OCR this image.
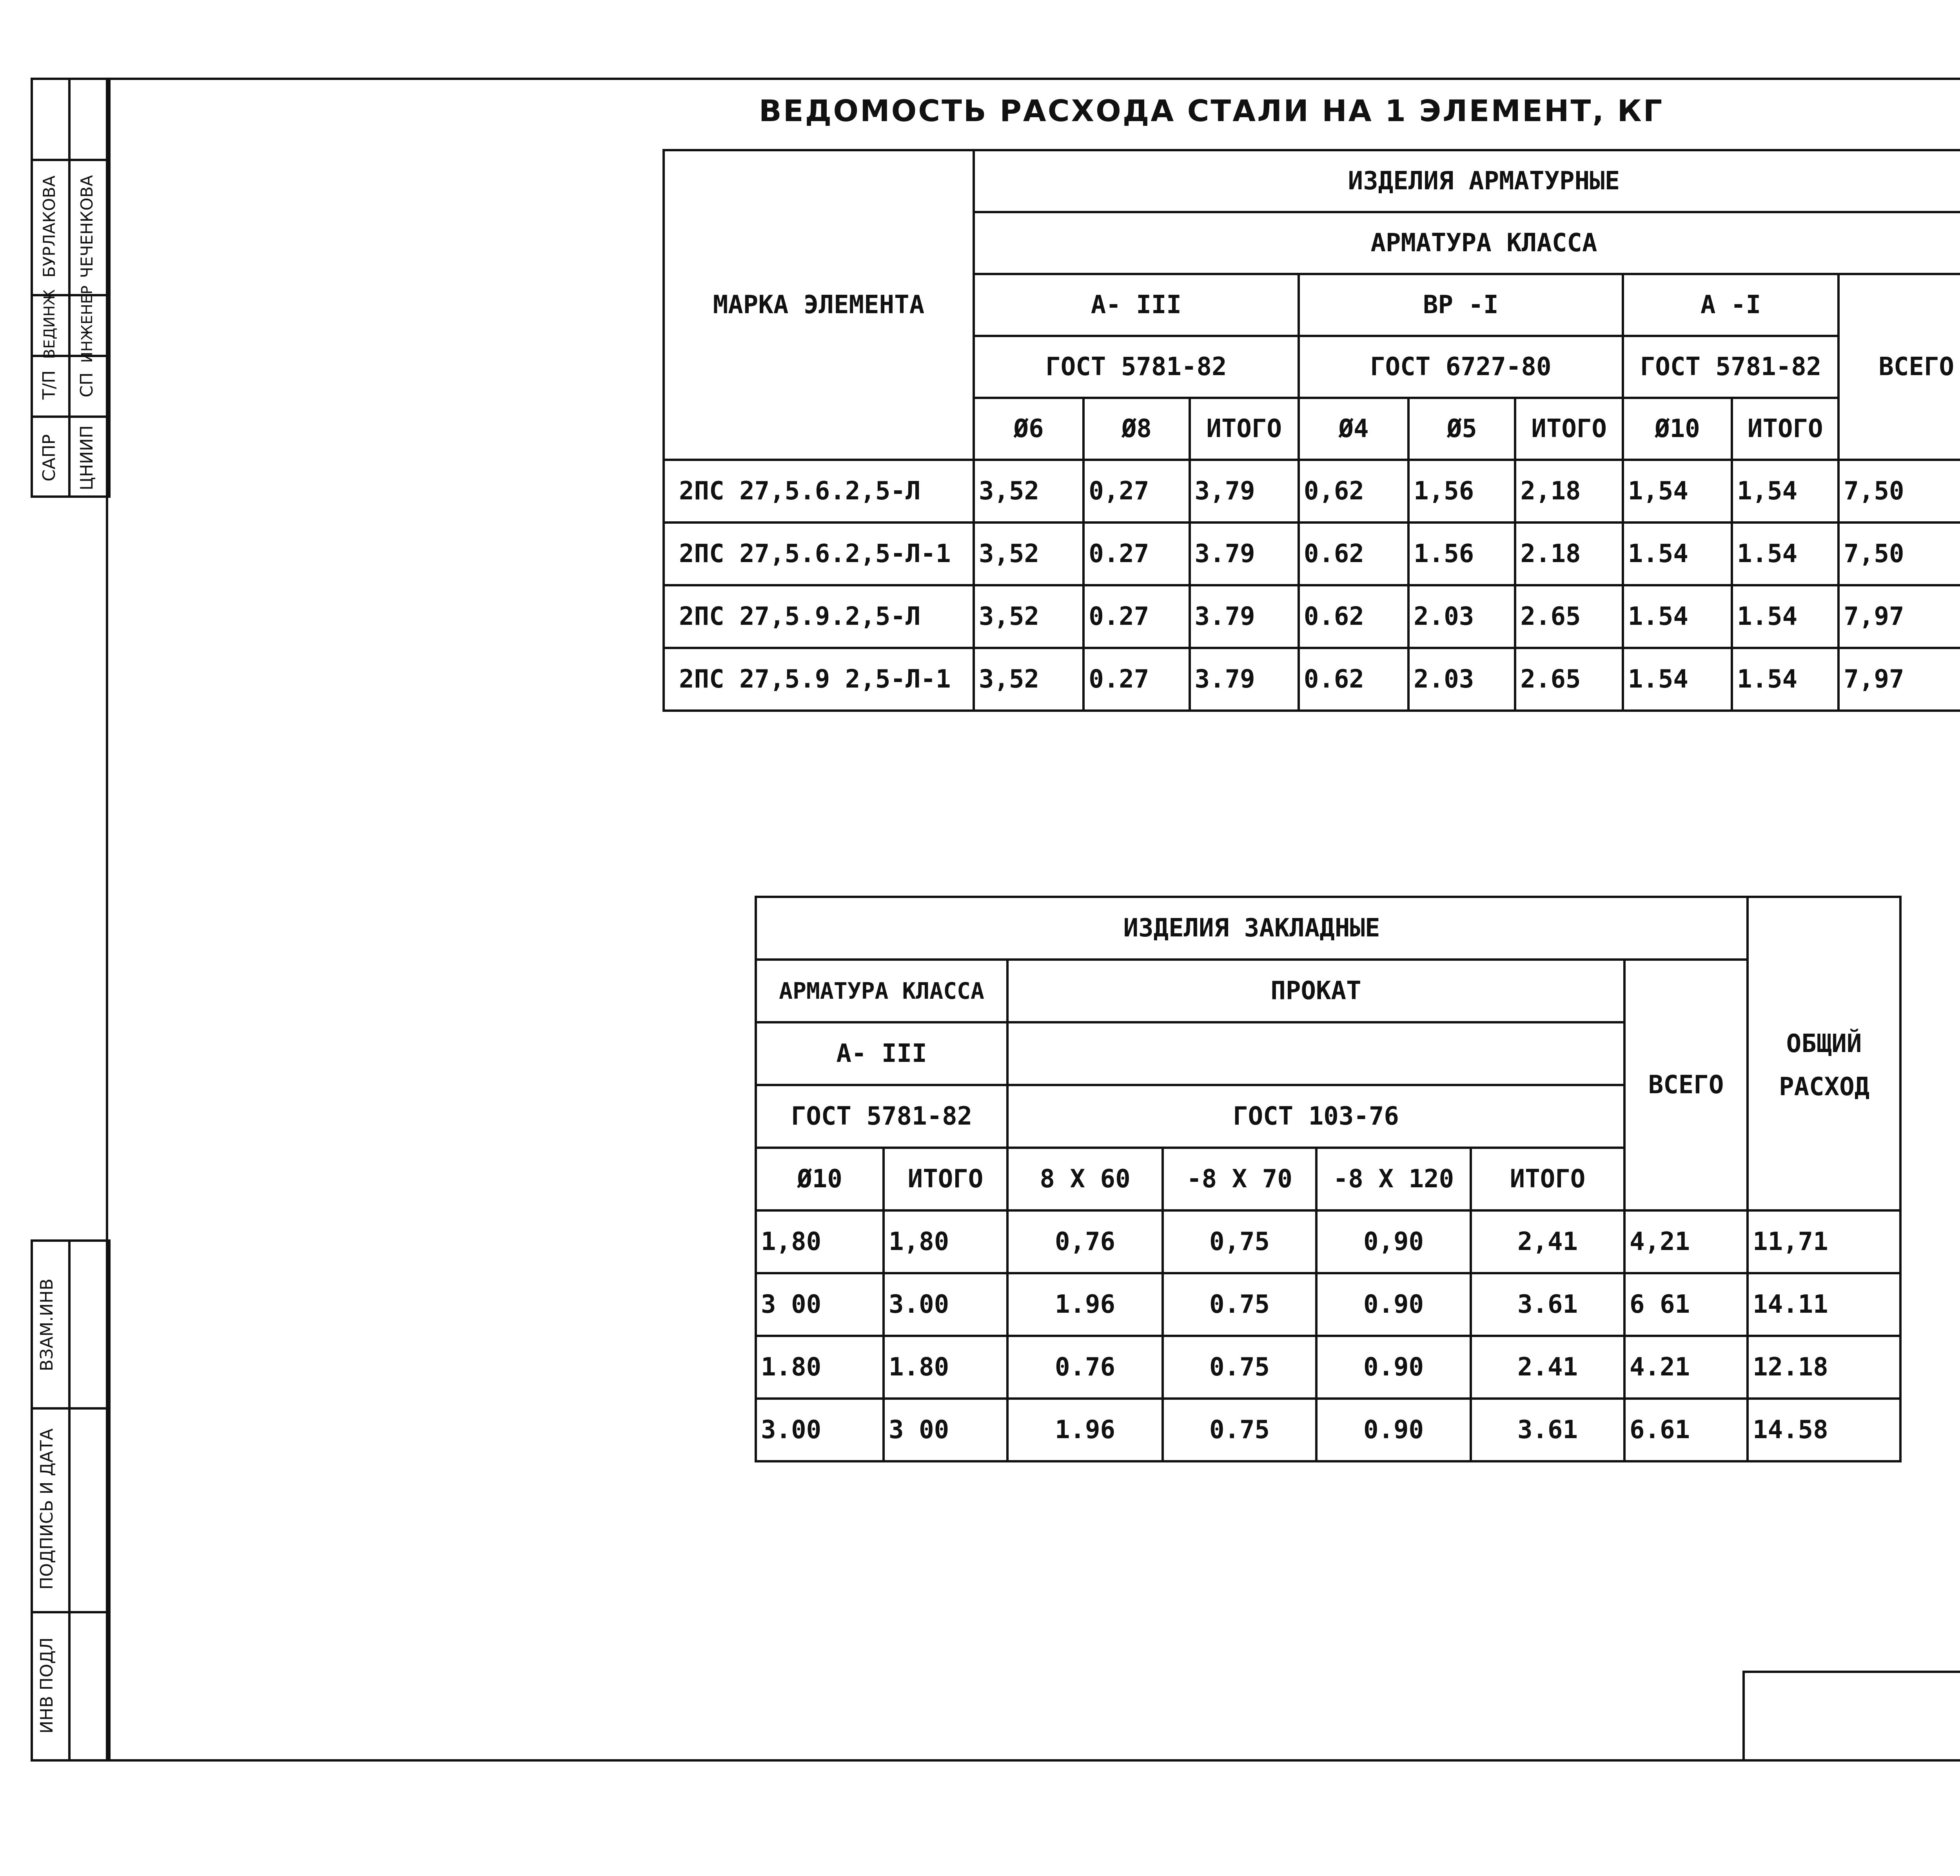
САПР ЦНИИП
Т/П СП
ВЕДИНЖ ИНЖЕНЕР
БУРЛАКОВА ЧЕЧЕНКОВА
ВЗАМ.ИНВ
ПОДПИСЬ И ДАТА
ИНВ ПОДЛ
ВЕДОМОСТЬ РАСХОДА СТАЛИ НА 1 ЭЛЕМЕНТ, КГ
МАРКА ЭЛЕМЕНТА	ИЗДЕЛИЯ АРМАТУРНЫЕ								
	АРМАТУРА КЛАССА								
	А- III			ВР -I			А -I		ВСЕГО
	ГОСТ 5781-82			ГОСТ 6727-80			ГОСТ 5781-82		
	Ø6	Ø8	ИТОГО	Ø4	Ø5	ИТОГО	Ø10	ИТОГО	
2ПС 27,5.6.2,5-Л	3,52	0,27	3,79	0,62	1,56	2,18	1,54	1,54	7,50
2ПС 27,5.6.2,5-Л-1	3,52	0.27	3.79	0.62	1.56	2.18	1.54	1.54	7,50
2ПС 27,5.9.2,5-Л	3,52	0.27	3.79	0.62	2.03	2.65	1.54	1.54	7,97
2ПС 27,5.9 2,5-Л-1	3,52	0.27	3.79	0.62	2.03	2.65	1.54	1.54	7,97
ИЗДЕЛИЯ ЗАКЛАДНЫЕ							ОБЩИЙ РАСХОД
АРМАТУРА КЛАССА		ПРОКАТ				ВСЕГО	
А- III							
ГОСТ 5781-82		ГОСТ 103-76					
Ø10	ИТОГО	8 Х 60	-8 Х 70	-8 Х 120	ИТОГО		
1,80	1,80	0,76	0,75	0,90	2,41	4,21	11,71
3 00	3.00	1.96	0.75	0.90	3.61	6 61	14.11
1.80	1.80	0.76	0.75	0.90	2.41	4.21	12.18
3.00	3 00	1.96	0.75	0.90	3.61	6.61	14.58
